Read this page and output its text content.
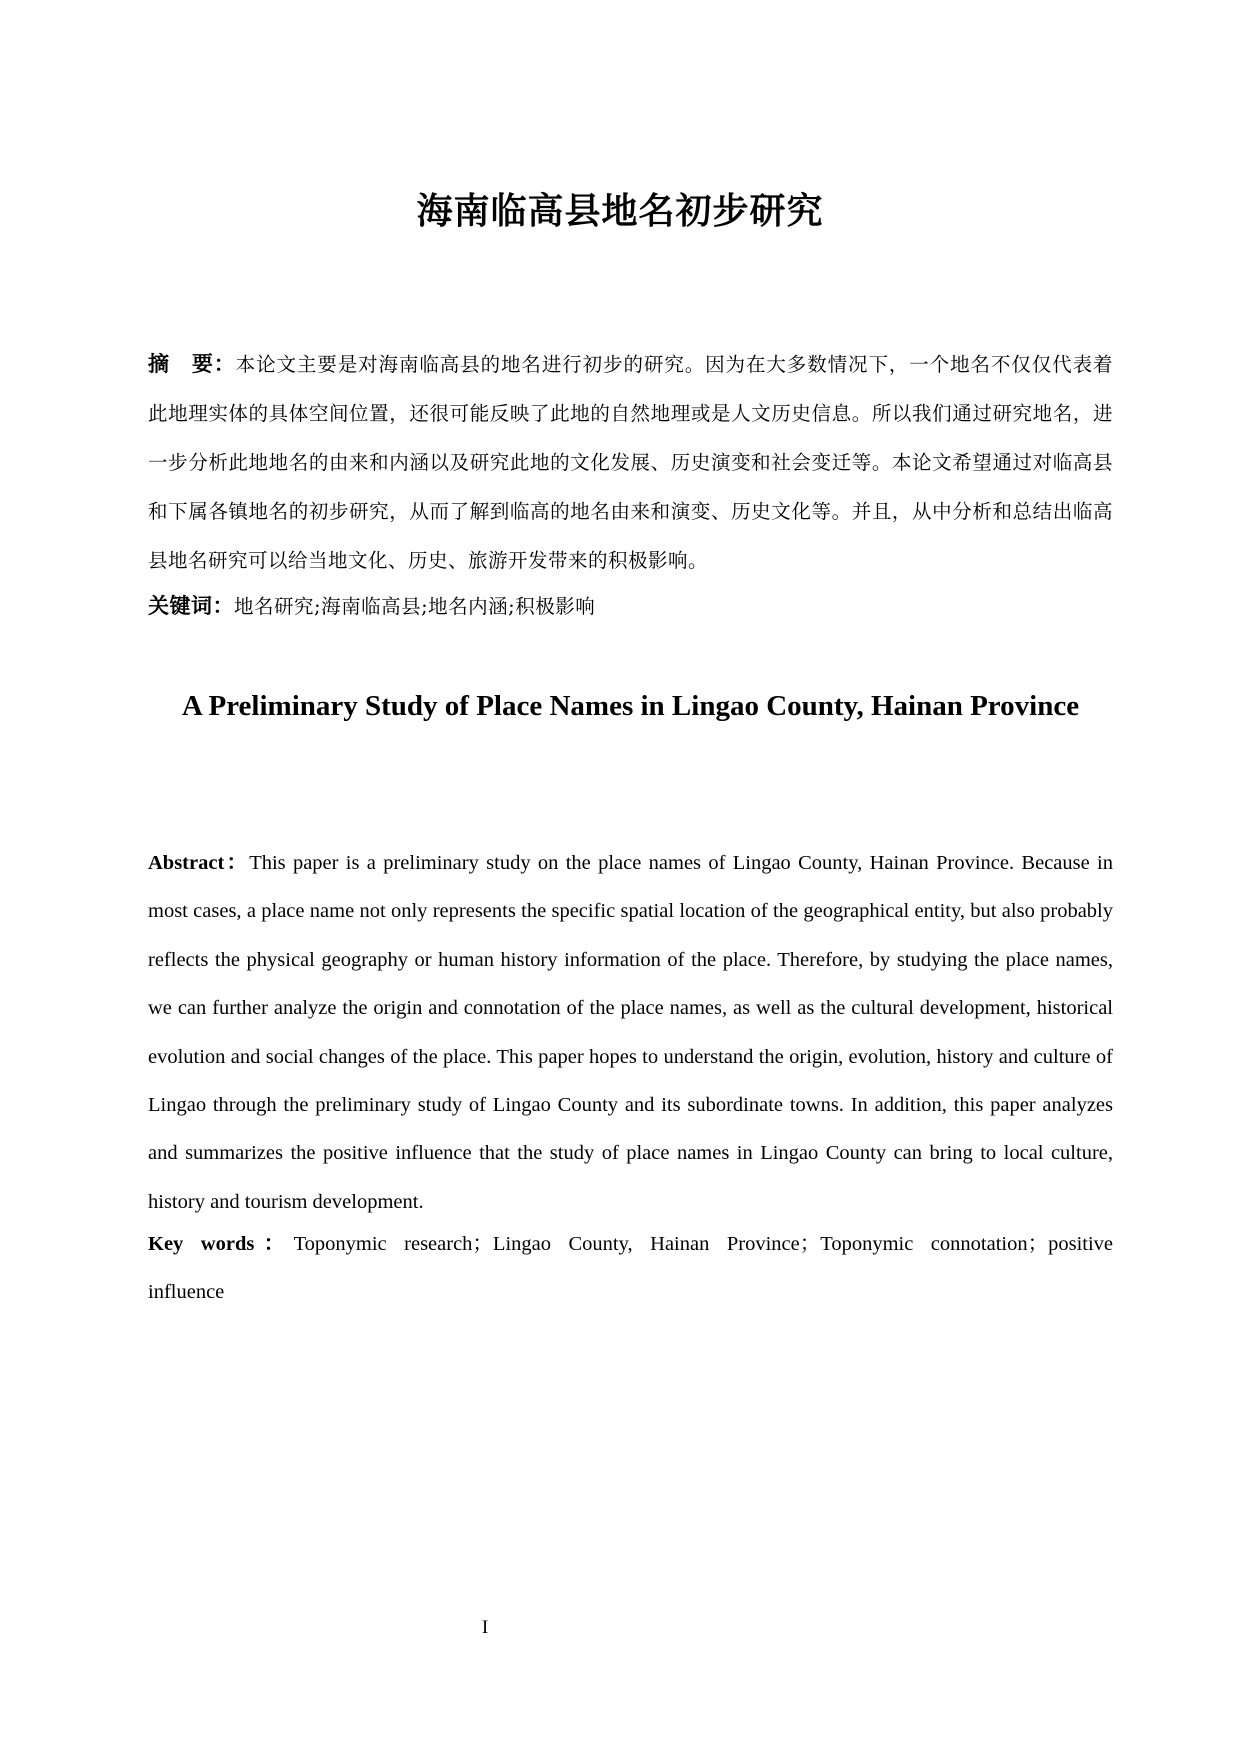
海南临高县地名初步研究
摘　要：本论文主要是对海南临高县的地名进行初步的研究。因为在大多数情况下，一个地名不仅仅代表着此地理实体的具体空间位置，还很可能反映了此地的自然地理或是人文历史信息。所以我们通过研究地名，进一步分析此地地名的由来和内涵以及研究此地的文化发展、历史演变和社会变迁等。本论文希望通过对临高县和下属各镇地名的初步研究，从而了解到临高的地名由来和演变、历史文化等。并且，从中分析和总结出临高县地名研究可以给当地文化、历史、旅游开发带来的积极影响。
关键词：地名研究;海南临高县;地名内涵;积极影响
A Preliminary Study of Place Names in Lingao County, Hainan Province
Abstract：This paper is a preliminary study on the place names of Lingao County, Hainan Province. Because in most cases, a place name not only represents the specific spatial location of the geographical entity, but also probably reflects the physical geography or human history information of the place. Therefore, by studying the place names, we can further analyze the origin and connotation of the place names, as well as the cultural development, historical evolution and social changes of the place. This paper hopes to understand the origin, evolution, history and culture of Lingao through the preliminary study of Lingao County and its subordinate towns. In addition, this paper analyzes and summarizes the positive influence that the study of place names in Lingao County can bring to local culture, history and tourism development.
Key words：Toponymic research；Lingao County, Hainan Province；Toponymic connotation；positive influence
I
